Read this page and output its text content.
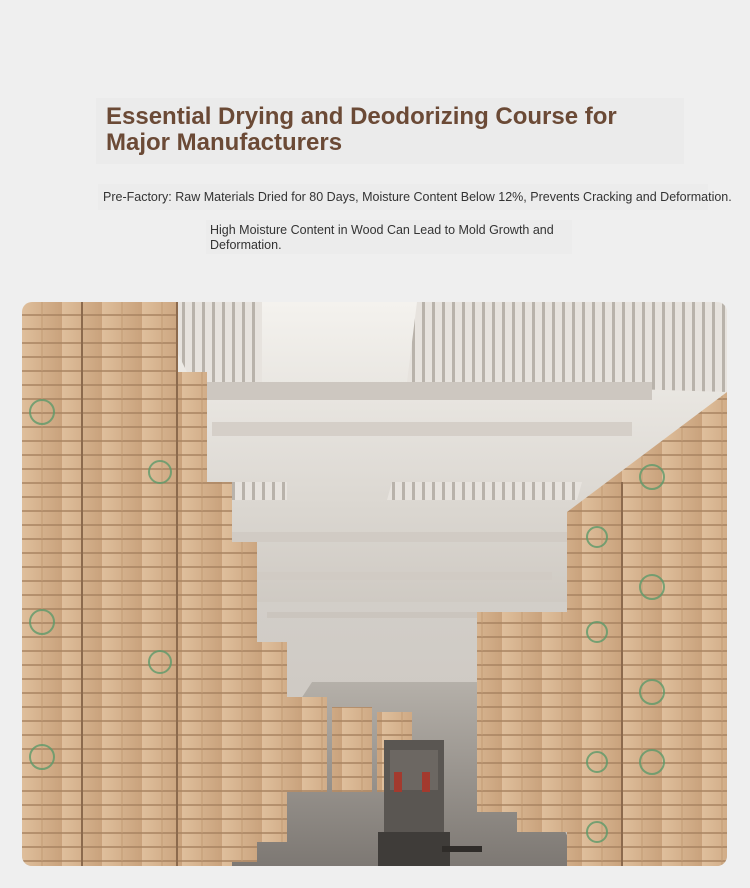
Essential Drying and Deodorizing Course for Major Manufacturers
Pre-Factory: Raw Materials Dried for 80 Days, Moisture Content Below 12%, Prevents Cracking and Deformation.
High Moisture Content in Wood Can Lead to Mold Growth and Deformation.
